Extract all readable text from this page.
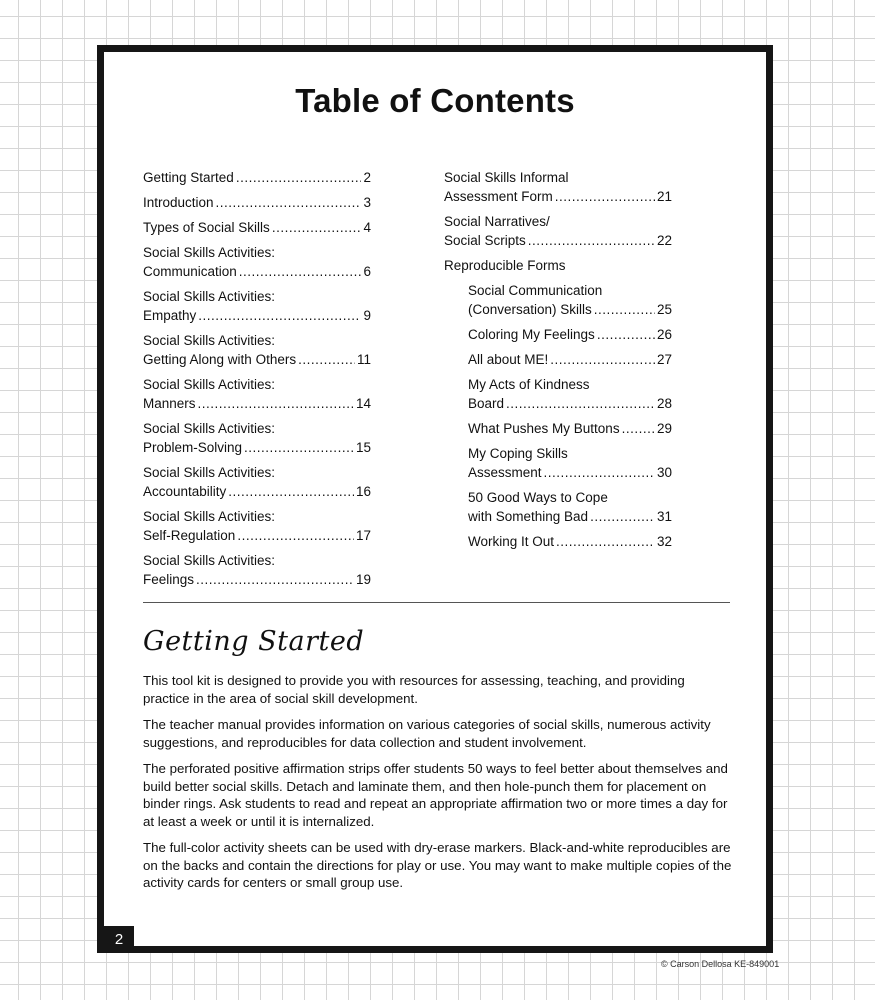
Table of Contents
Getting Started .....	2
Introduction .....	3
Types of Social Skills .....	4
Social Skills Activities:
Communication .....	6
Social Skills Activities:
Empathy .....	9
Social Skills Activities:
Getting Along with Others .....	11
Social Skills Activities:
Manners .....	14
Social Skills Activities:
Problem-Solving .....	15
Social Skills Activities:
Accountability .....	16
Social Skills Activities:
Self-Regulation .....	17
Social Skills Activities:
Feelings .....	19
Social Skills Informal
Assessment Form .....	21
Social Narratives/
Social Scripts .....	22
Reproducible Forms
Social Communication
(Conversation) Skills .....	25
Coloring My Feelings .....	26
All about ME! .....	27
My Acts of Kindness
Board .....	28
What Pushes My Buttons .....	29
My Coping Skills
Assessment .....	30
50 Good Ways to Cope
with Something Bad .....	31
Working It Out .....	32
Getting Started

This tool kit is designed to provide you with resources for assessing, teaching, and providing practice in the area of social skill development.

The teacher manual provides information on various categories of social skills, numerous activity suggestions, and reproducibles for data collection and student involvement.

The perforated positive affirmation strips offer students 50 ways to feel better about themselves and build better social skills. Detach and laminate them, and then hole-punch them for placement on binder rings. Ask students to read and repeat an appropriate affirmation two or more times a day for at least a week or until it is internalized.

The full-color activity sheets can be used with dry-erase markers. Black-and-white reproducibles are on the backs and contain the directions for play or use. You may want to make multiple copies of the activity cards for centers or small group use.

2
© Carson Dellosa KE-849001
